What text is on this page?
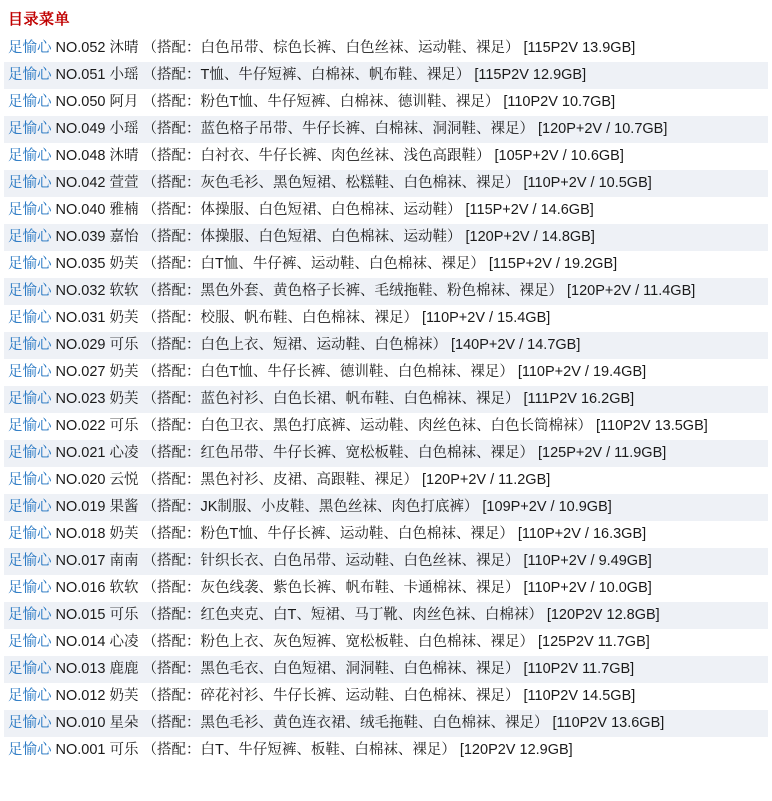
目录菜单
足愉心 NO.052 沐晴 （搭配：白色吊带、棕色长裤、白色丝袜、运动鞋、裸足） [115P2V 13.9GB]
足愉心 NO.051 小瑶 （搭配：T恤、牛仔短裤、白棉袜、帆布鞋、裸足） [115P2V 12.9GB]
足愉心 NO.050 阿月 （搭配：粉色T恤、牛仔短裤、白棉袜、德训鞋、裸足） [110P2V 10.7GB]
足愉心 NO.049 小瑶 （搭配：蓝色格子吊带、牛仔长裤、白棉袜、洞洞鞋、裸足） [120P+2V / 10.7GB]
足愉心 NO.048 沐晴 （搭配：白衬衣、牛仔长裤、肉色丝袜、浅色高跟鞋） [105P+2V / 10.6GB]
足愉心 NO.042 萱萱 （搭配：灰色毛衫、黑色短裙、松糕鞋、白色棉袜、裸足） [110P+2V / 10.5GB]
足愉心 NO.040 雅楠 （搭配：体操服、白色短裙、白色棉袜、运动鞋） [115P+2V / 14.6GB]
足愉心 NO.039 嘉怡 （搭配：体操服、白色短裙、白色棉袜、运动鞋） [120P+2V / 14.8GB]
足愉心 NO.035 奶芙 （搭配：白T恤、牛仔裤、运动鞋、白色棉袜、裸足） [115P+2V / 19.2GB]
足愉心 NO.032 软软 （搭配：黑色外套、黄色格子长裤、毛绒拖鞋、粉色棉袜、裸足） [120P+2V / 11.4GB]
足愉心 NO.031 奶芙 （搭配：校服、帆布鞋、白色棉袜、裸足） [110P+2V / 15.4GB]
足愉心 NO.029 可乐 （搭配：白色上衣、短裙、运动鞋、白色棉袜） [140P+2V / 14.7GB]
足愉心 NO.027 奶芙 （搭配：白色T恤、牛仔长裤、德训鞋、白色棉袜、裸足） [110P+2V / 19.4GB]
足愉心 NO.023 奶芙 （搭配：蓝色衬衫、白色长裙、帆布鞋、白色棉袜、裸足） [111P2V 16.2GB]
足愉心 NO.022 可乐 （搭配：白色卫衣、黑色打底裤、运动鞋、肉丝色袜、白色长筒棉袜） [110P2V 13.5GB]
足愉心 NO.021 心凌 （搭配：红色吊带、牛仔长裤、宽松板鞋、白色棉袜、裸足） [125P+2V / 11.9GB]
足愉心 NO.020 云悦 （搭配：黑色衬衫、皮裙、高跟鞋、裸足） [120P+2V / 11.2GB]
足愉心 NO.019 果酱 （搭配：JK制服、小皮鞋、黑色丝袜、肉色打底裤） [109P+2V / 10.9GB]
足愉心 NO.018 奶芙 （搭配：粉色T恤、牛仔长裤、运动鞋、白色棉袜、裸足） [110P+2V / 16.3GB]
足愉心 NO.017 南南 （搭配：针织长衣、白色吊带、运动鞋、白色丝袜、裸足） [110P+2V / 9.49GB]
足愉心 NO.016 软软 （搭配：灰色线袭、紫色长裤、帆布鞋、卡通棉袜、裸足） [110P+2V / 10.0GB]
足愉心 NO.015 可乐 （搭配：红色夹克、白T、短裙、马丁靴、肉丝色袜、白棉袜） [120P2V 12.8GB]
足愉心 NO.014 心凌 （搭配：粉色上衣、灰色短裤、宽松板鞋、白色棉袜、裸足） [125P2V 11.7GB]
足愉心 NO.013 鹿鹿 （搭配：黑色毛衣、白色短裙、洞洞鞋、白色棉袜、裸足） [110P2V 11.7GB]
足愉心 NO.012 奶芙 （搭配：碎花衬衫、牛仔长裤、运动鞋、白色棉袜、裸足） [110P2V 14.5GB]
足愉心 NO.010 星朵 （搭配：黑色毛衫、黄色连衣裙、绒毛拖鞋、白色棉袜、裸足） [110P2V 13.6GB]
足愉心 NO.001 可乐 （搭配：白T、牛仔短裤、板鞋、白棉袜、裸足） [120P2V 12.9GB]
